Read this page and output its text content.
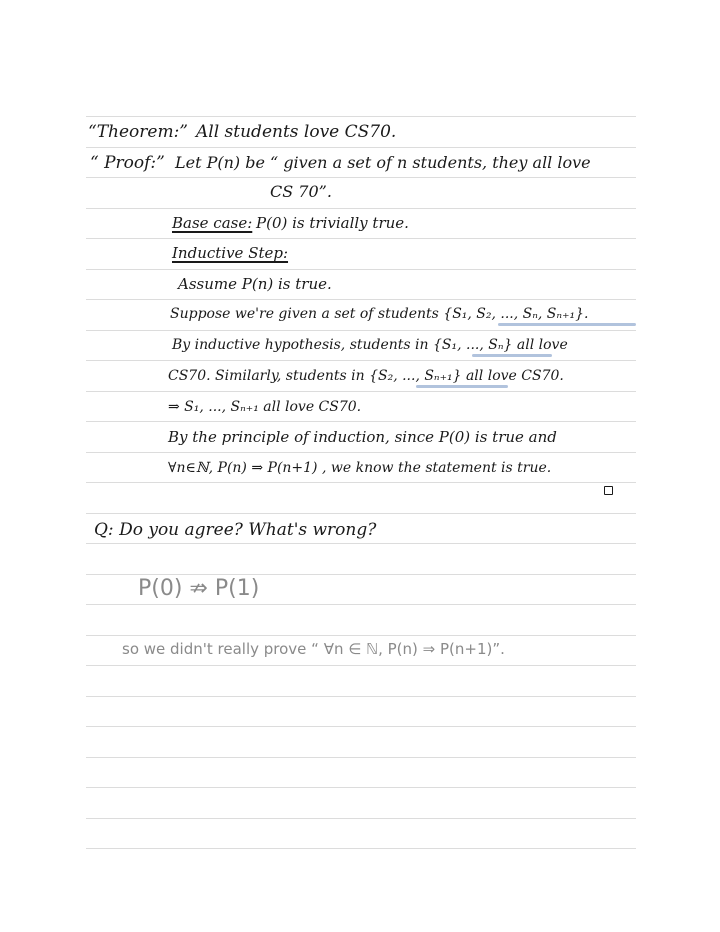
“Theorem:” All students love CS70.
“ Proof:” Let P(n) be “ given a set of n students, they all love
CS 70”.
Base case: P(0) is trivially true.
Inductive Step:
Assume P(n) is true.
Suppose we're given a set of students {S₁, S₂, ..., Sₙ, Sₙ₊₁}.
By inductive hypothesis, students in {S₁, ..., Sₙ} all love
CS70. Similarly, students in {S₂, ..., Sₙ₊₁} all love CS70.
⇒ S₁, ..., Sₙ₊₁ all love CS70.
By the principle of induction, since P(0) is true and
∀n∈ℕ, P(n) ⇒ P(n+1) , we know the statement is true.
Q: Do you agree? What's wrong?
P(0) ⇏ P(1)
so we didn't really prove “ ∀n ∈ ℕ, P(n) ⇒ P(n+1)”.
